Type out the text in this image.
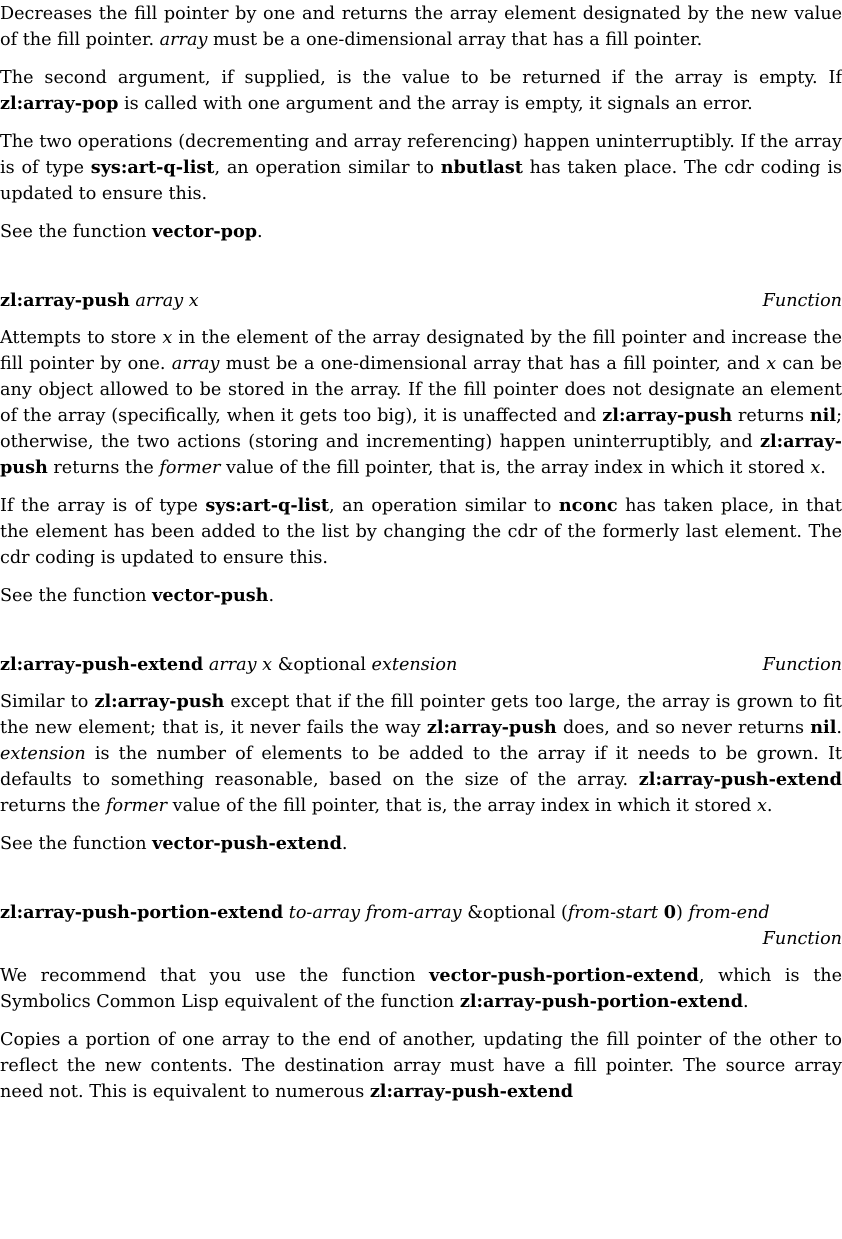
Decreases the fill pointer by one and returns the array element designated by the new value of the fill pointer. array must be a one-dimensional array that has a fill pointer.

The second argument, if supplied, is the value to be returned if the array is empty. If zl:array-pop is called with one argument and the array is empty, it signals an error.

The two operations (decrementing and array referencing) happen uninterruptibly. If the array is of type sys:art-q-list, an operation similar to nbutlast has taken place. The cdr coding is updated to ensure this.

See the function vector-pop.

zl:array-push array x	Function

Attempts to store x in the element of the array designated by the fill pointer and increase the fill pointer by one. array must be a one-dimensional array that has a fill pointer, and x can be any object allowed to be stored in the array. If the fill pointer does not designate an element of the array (specifically, when it gets too big), it is unaffected and zl:array-push returns nil; otherwise, the two actions (storing and incrementing) happen uninterruptibly, and zl:array-push returns the former value of the fill pointer, that is, the array index in which it stored x.

If the array is of type sys:art-q-list, an operation similar to nconc has taken place, in that the element has been added to the list by changing the cdr of the formerly last element. The cdr coding is updated to ensure this.

See the function vector-push.

zl:array-push-extend array x &optional extension	Function

Similar to zl:array-push except that if the fill pointer gets too large, the array is grown to fit the new element; that is, it never fails the way zl:array-push does, and so never returns nil. extension is the number of elements to be added to the array if it needs to be grown. It defaults to something reasonable, based on the size of the array. zl:array-push-extend returns the former value of the fill pointer, that is, the array index in which it stored x.

See the function vector-push-extend.

zl:array-push-portion-extend to-array from-array &optional (from-start 0) from-end
Function

We recommend that you use the function vector-push-portion-extend, which is the Symbolics Common Lisp equivalent of the function zl:array-push-portion-extend.

Copies a portion of one array to the end of another, updating the fill pointer of the other to reflect the new contents. The destination array must have a fill pointer. The source array need not. This is equivalent to numerous zl:array-push-extend
